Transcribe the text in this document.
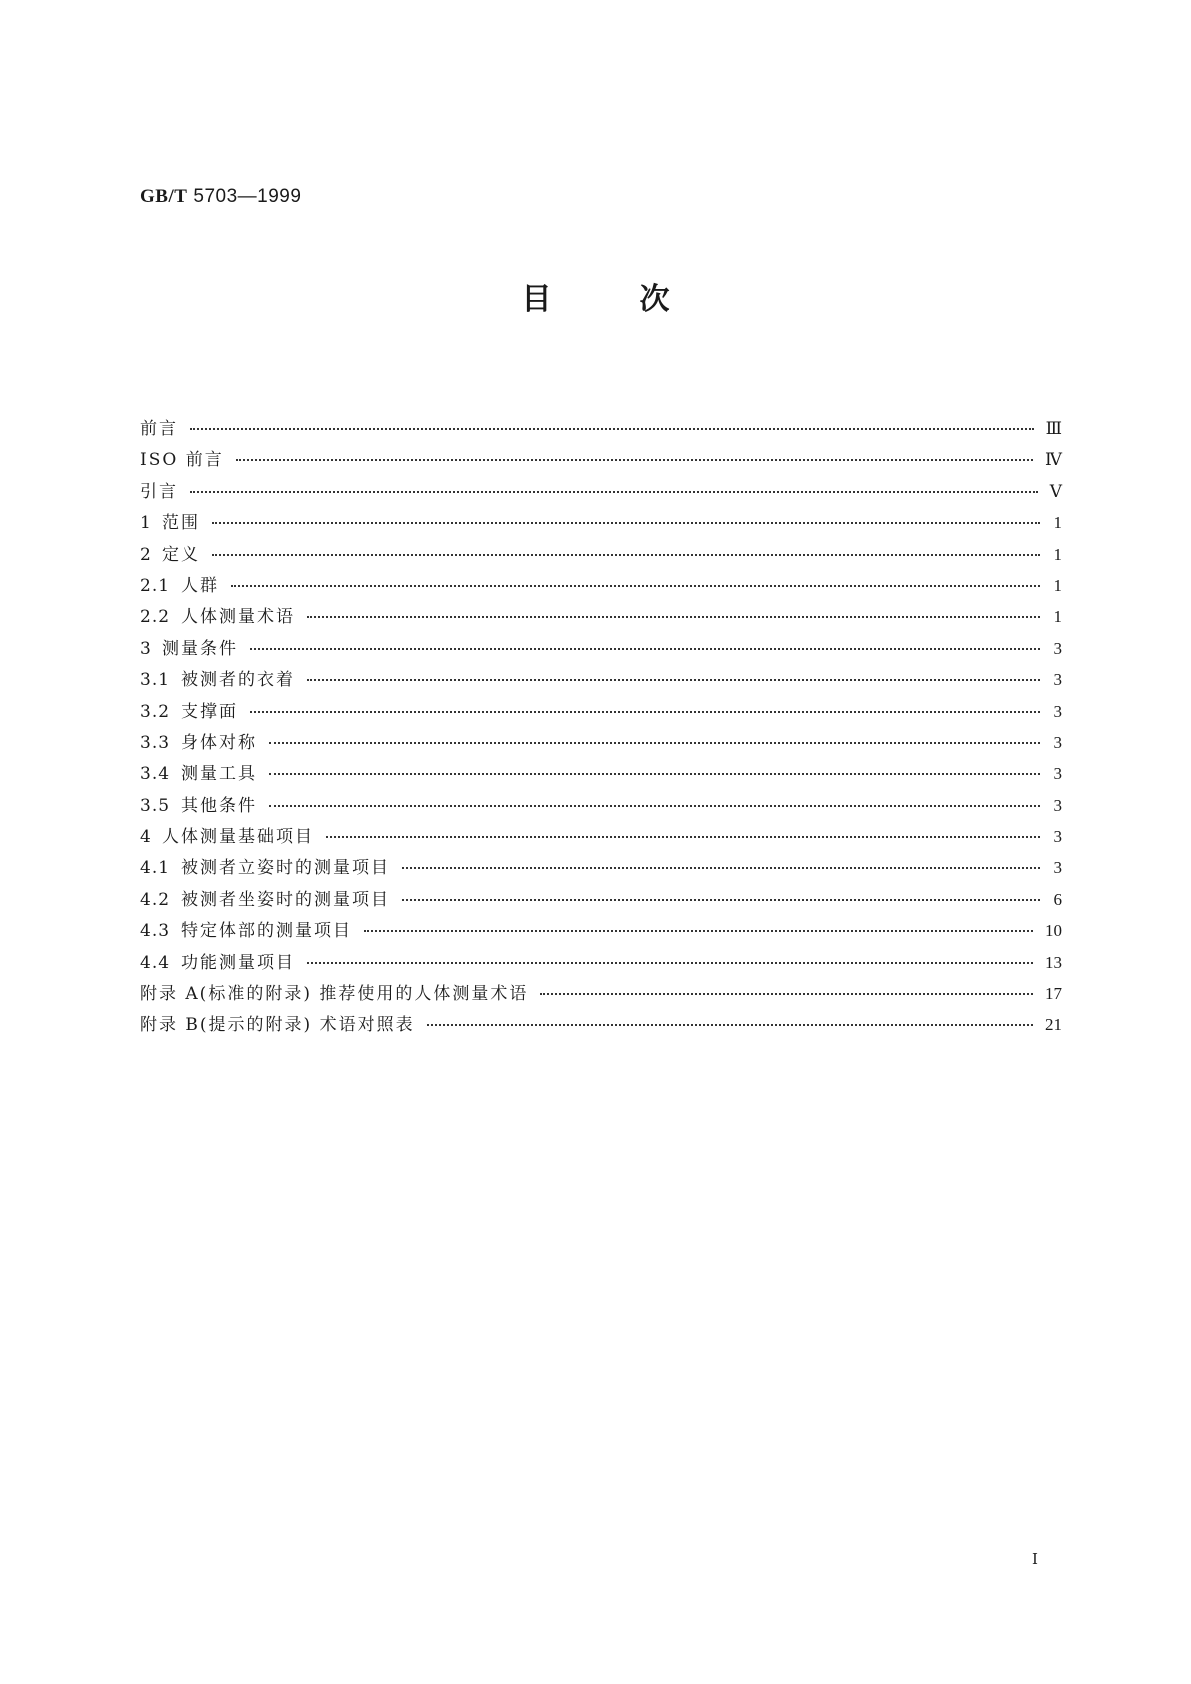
GB/T 5703—1999
目次
前言	Ⅲ
ISO 前言	Ⅳ
引言	Ⅴ
1 范围	1
2 定义	1
2.1 人群	1
2.2 人体测量术语	1
3 测量条件	3
3.1 被测者的衣着	3
3.2 支撑面	3
3.3 身体对称	3
3.4 测量工具	3
3.5 其他条件	3
4 人体测量基础项目	3
4.1 被测者立姿时的测量项目	3
4.2 被测者坐姿时的测量项目	6
4.3 特定体部的测量项目	10
4.4 功能测量项目	13
附录 A(标准的附录) 推荐使用的人体测量术语	17
附录 B(提示的附录) 术语对照表	21
Ⅰ
